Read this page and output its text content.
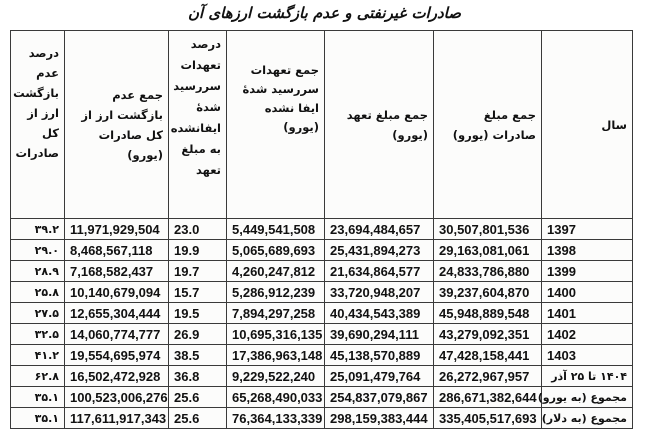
صادرات غیرنفتی و عدم بازگشت ارزهای آن
سال	جمع مبلغ صادرات (یورو)	جمع مبلغ تعهد (یورو)	جمع تعهدات سررسید شدهٔ ایفا نشده (یورو)	درصد تعهدات سررسید شدهٔ ایفانشده به مبلغ تعهد	جمع عدم بازگشت ارز از کل صادرات (یورو)	درصد عدم بازگشت ارز از کل صادرات
1397	30,507,801,536	23,694,484,657	5,449,541,508	23.0	11,971,929,504	۳۹.۲
1398	29,163,081,061	25,431,894,273	5,065,689,693	19.9	8,468,567,118	۲۹.۰
1399	24,833,786,880	21,634,864,577	4,260,247,812	19.7	7,168,582,437	۲۸.۹
1400	39,237,604,870	33,720,948,207	5,286,912,239	15.7	10,140,679,094	۲۵.۸
1401	45,948,889,548	40,434,543,389	7,894,297,258	19.5	12,655,304,444	۲۷.۵
1402	43,279,092,351	39,690,294,111	10,695,316,135	26.9	14,060,774,777	۳۲.۵
1403	47,428,158,441	45,138,570,889	17,386,963,148	38.5	19,554,695,974	۴۱.۲
۱۴۰۴ تا ۲۵ آذر	26,272,967,957	25,091,479,764	9,229,522,240	36.8	16,502,472,928	۶۲.۸
مجموع (به یورو)	286,671,382,644	254,837,079,867	65,268,490,033	25.6	100,523,006,276	۳۵.۱
مجموع (به دلار)	335,405,517,693	298,159,383,444	76,364,133,339	25.6	117,611,917,343	۳۵.۱
